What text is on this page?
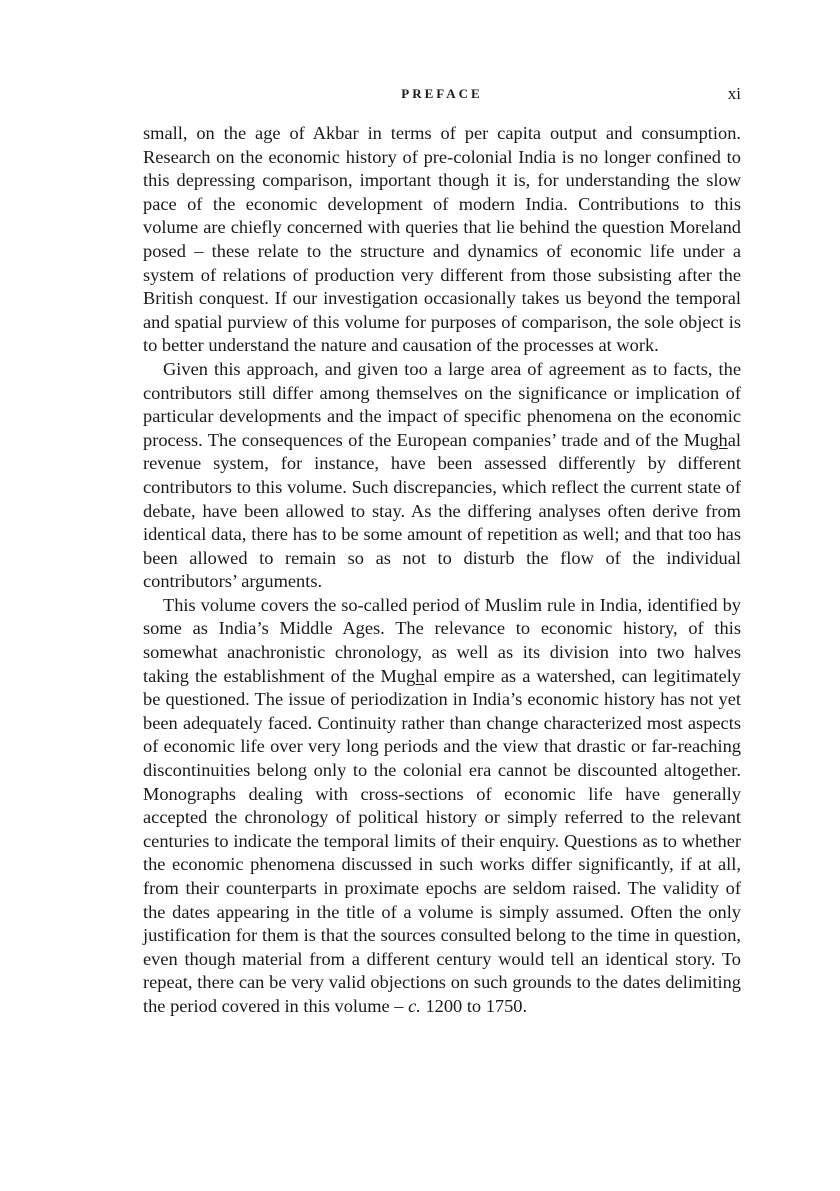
PREFACE	xi

small, on the age of Akbar in terms of per capita output and consumption. Research on the economic history of pre-colonial India is no longer confined to this depressing comparison, important though it is, for understanding the slow pace of the economic development of modern India. Contributions to this volume are chiefly concerned with queries that lie behind the question Moreland posed – these relate to the structure and dynamics of economic life under a system of relations of production very different from those subsisting after the British conquest. If our investigation occasionally takes us beyond the temporal and spatial purview of this volume for purposes of comparison, the sole object is to better understand the nature and causation of the processes at work.

Given this approach, and given too a large area of agreement as to facts, the contributors still differ among themselves on the significance or implication of particular developments and the impact of specific phenomena on the economic process. The consequences of the European companies’ trade and of the Mughal revenue system, for instance, have been assessed differently by different contributors to this volume. Such discrepancies, which reflect the current state of debate, have been allowed to stay. As the differing analyses often derive from identical data, there has to be some amount of repetition as well; and that too has been allowed to remain so as not to disturb the flow of the individual contributors’ arguments.

This volume covers the so-called period of Muslim rule in India, identified by some as India’s Middle Ages. The relevance to economic history, of this somewhat anachronistic chronology, as well as its division into two halves taking the establishment of the Mughal empire as a watershed, can legitimately be questioned. The issue of periodization in India’s economic history has not yet been adequately faced. Continuity rather than change characterized most aspects of economic life over very long periods and the view that drastic or far-reaching discontinuities belong only to the colonial era cannot be discounted altogether. Monographs dealing with cross-sections of economic life have generally accepted the chronology of political history or simply referred to the relevant centuries to indicate the temporal limits of their enquiry. Questions as to whether the economic phenomena discussed in such works differ significantly, if at all, from their counterparts in proximate epochs are seldom raised. The validity of the dates appearing in the title of a volume is simply assumed. Often the only justification for them is that the sources consulted belong to the time in question, even though material from a different century would tell an identical story. To repeat, there can be very valid objections on such grounds to the dates delimiting the period covered in this volume – c. 1200 to 1750.
